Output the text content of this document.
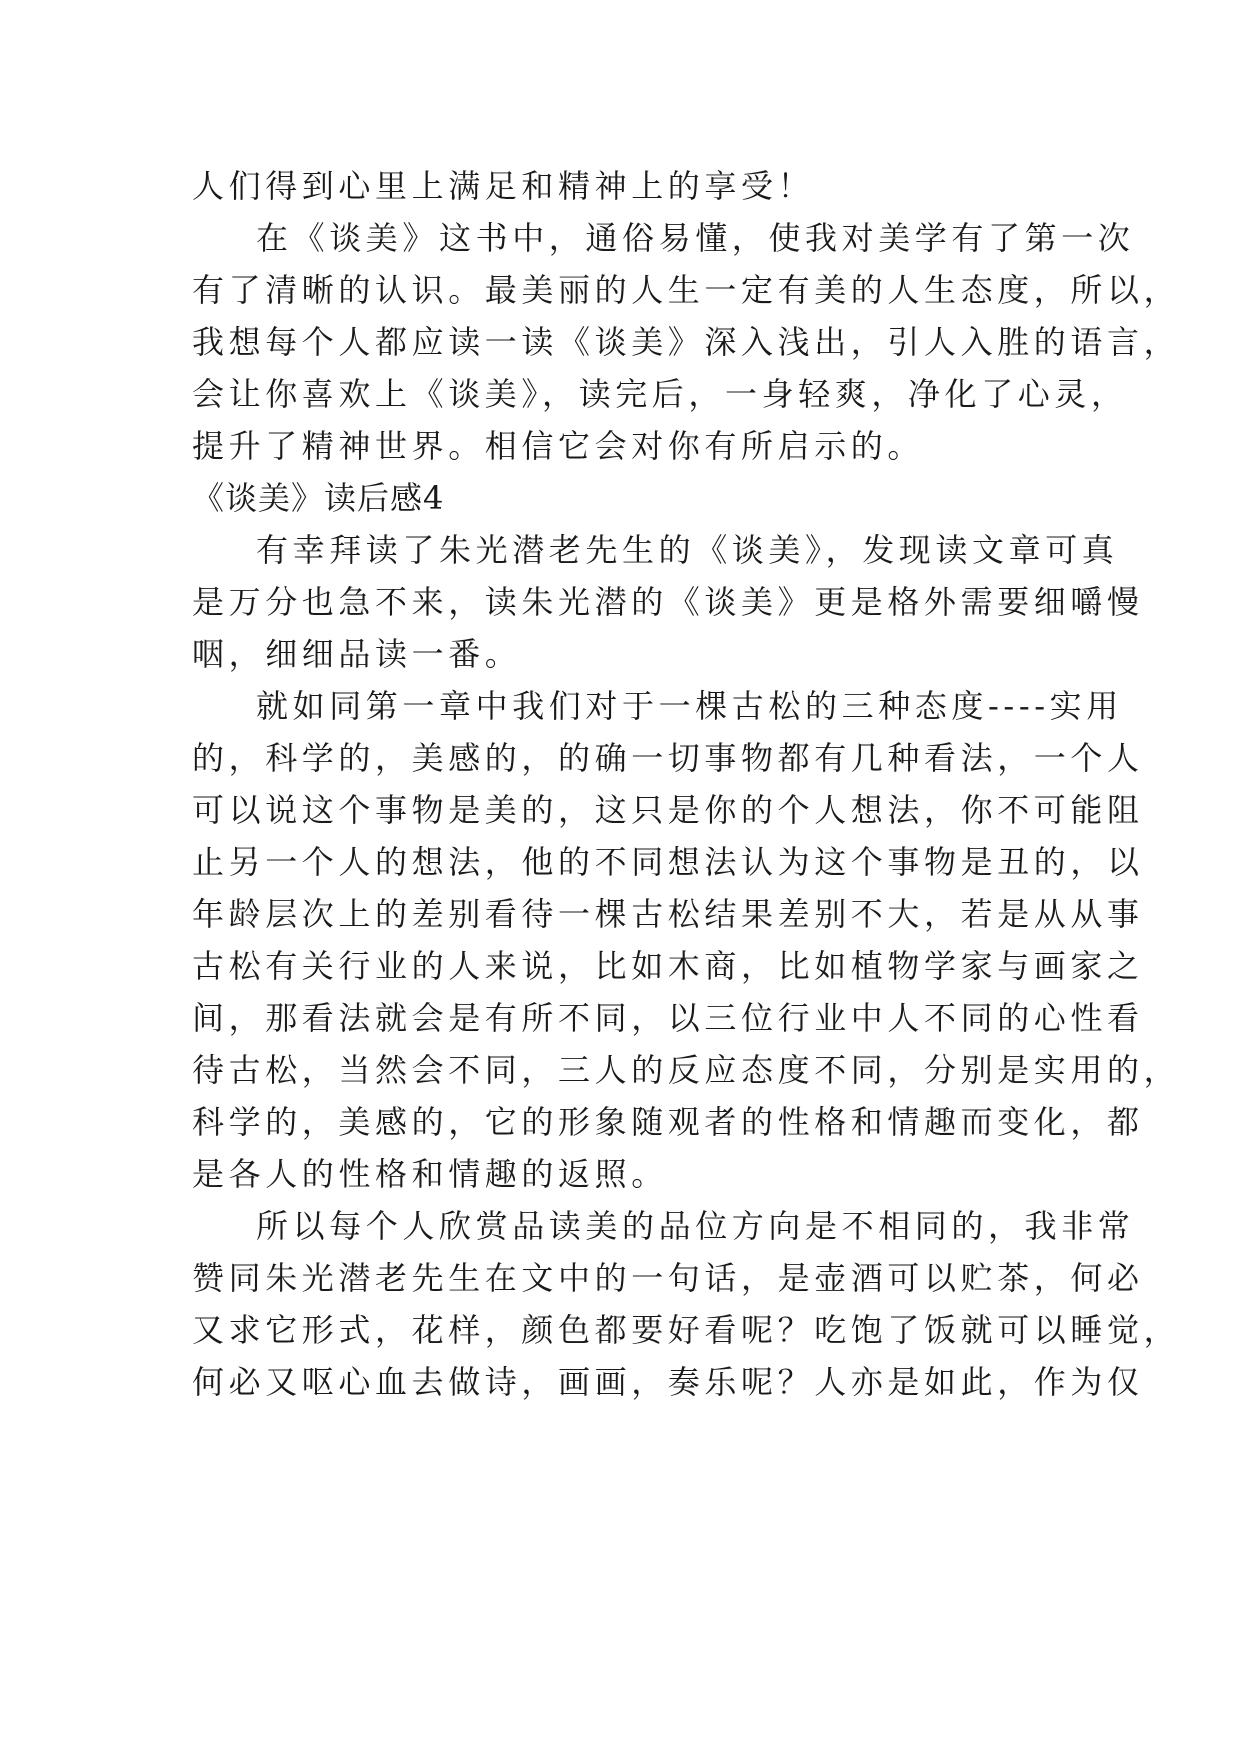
人们得到心里上满足和精神上的享受！

在《谈美》这书中，通俗易懂，使我对美学有了第一次

有了清晰的认识。最美丽的人生一定有美的人生态度，所以，

我想每个人都应读一读《谈美》深入浅出，引人入胜的语言，

会让你喜欢上《谈美》，读完后，一身轻爽，净化了心灵，

提升了精神世界。相信它会对你有所启示的。

《谈美》读后感4

有幸拜读了朱光潜老先生的《谈美》，发现读文章可真

是万分也急不来，读朱光潜的《谈美》更是格外需要细嚼慢

咽，细细品读一番。

就如同第一章中我们对于一棵古松的三种态度----实用

的，科学的，美感的，的确一切事物都有几种看法，一个人

可以说这个事物是美的，这只是你的个人想法，你不可能阻

止另一个人的想法，他的不同想法认为这个事物是丑的，以

年龄层次上的差别看待一棵古松结果差别不大，若是从从事

古松有关行业的人来说，比如木商，比如植物学家与画家之

间，那看法就会是有所不同，以三位行业中人不同的心性看

待古松，当然会不同，三人的反应态度不同，分别是实用的，

科学的，美感的，它的形象随观者的性格和情趣而变化，都

是各人的性格和情趣的返照。

所以每个人欣赏品读美的品位方向是不相同的，我非常

赞同朱光潜老先生在文中的一句话，是壶酒可以贮茶，何必

又求它形式，花样，颜色都要好看呢？吃饱了饭就可以睡觉，

何必又呕心血去做诗，画画，奏乐呢？人亦是如此，作为仅
